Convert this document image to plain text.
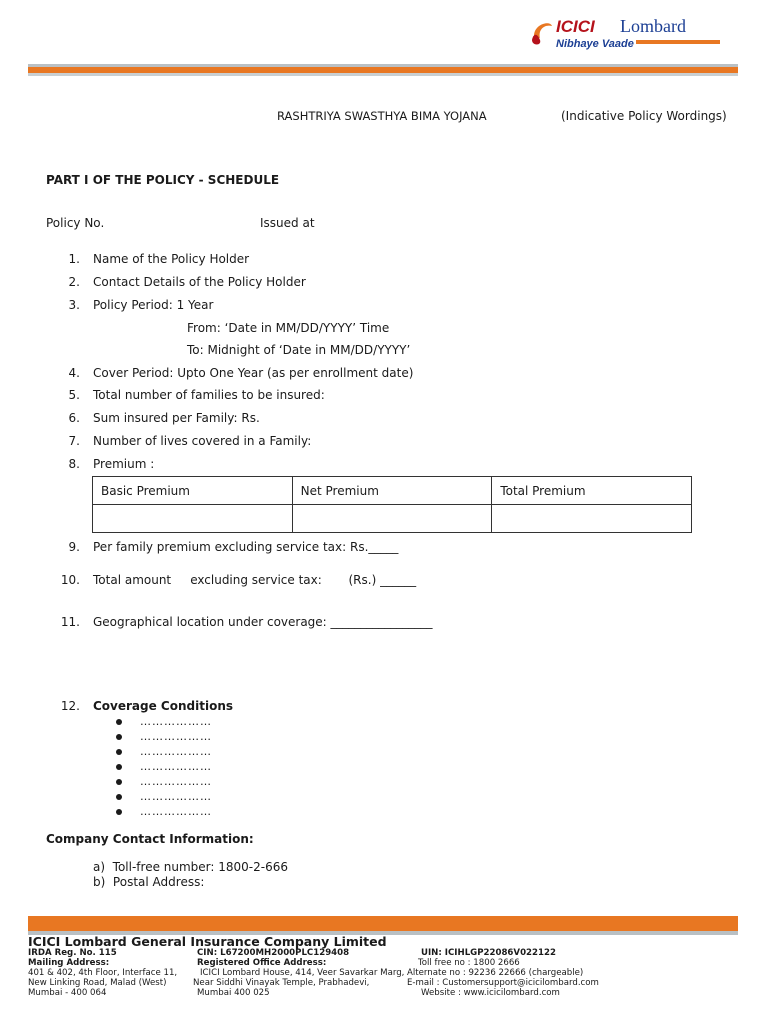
ICICI Lombard
Nibhaye Vaade
RASHTRIYA SWASTHYA BIMA YOJANA	(Indicative Policy Wordings)
PART I OF THE POLICY - SCHEDULE
Policy No.	Issued at
1. Name of the Policy Holder
2. Contact Details of the Policy Holder
3. Policy Period: 1 Year
From: ‘Date in MM/DD/YYYY’ Time
To: Midnight of ‘Date in MM/DD/YYYY’
4. Cover Period: Upto One Year (as per enrollment date)
5. Total number of families to be insured:
6. Sum insured per Family: Rs.
7. Number of lives covered in a Family:
8. Premium :
Basic Premium	Net Premium	Total Premium

9. Per family premium excluding service tax: Rs._____
10. Total amount     excluding service tax:       (Rs.) ______
11. Geographical location under coverage: _________________
12. Coverage Conditions
………………
………………
………………
………………
………………
………………
………………
Company Contact Information:
a)  Toll-free number: 1800-2-666
b)  Postal Address:
ICICI Lombard General Insurance Company Limited
IRDA Reg. No. 115
Mailing Address:
401 & 402, 4th Floor, Interface 11,
New Linking Road, Malad (West)
Mumbai - 400 064
CIN: L67200MH2000PLC129408
Registered Office Address:
ICICI Lombard House, 414, Veer Savarkar Marg,
Near Siddhi Vinayak Temple, Prabhadevi,
Mumbai 400 025
UIN: ICIHLGP22086V022122
Toll free no : 1800 2666
Alternate no : 92236 22666 (chargeable)
E-mail : Customersupport@icicilombard.com
Website : www.icicilombard.com
